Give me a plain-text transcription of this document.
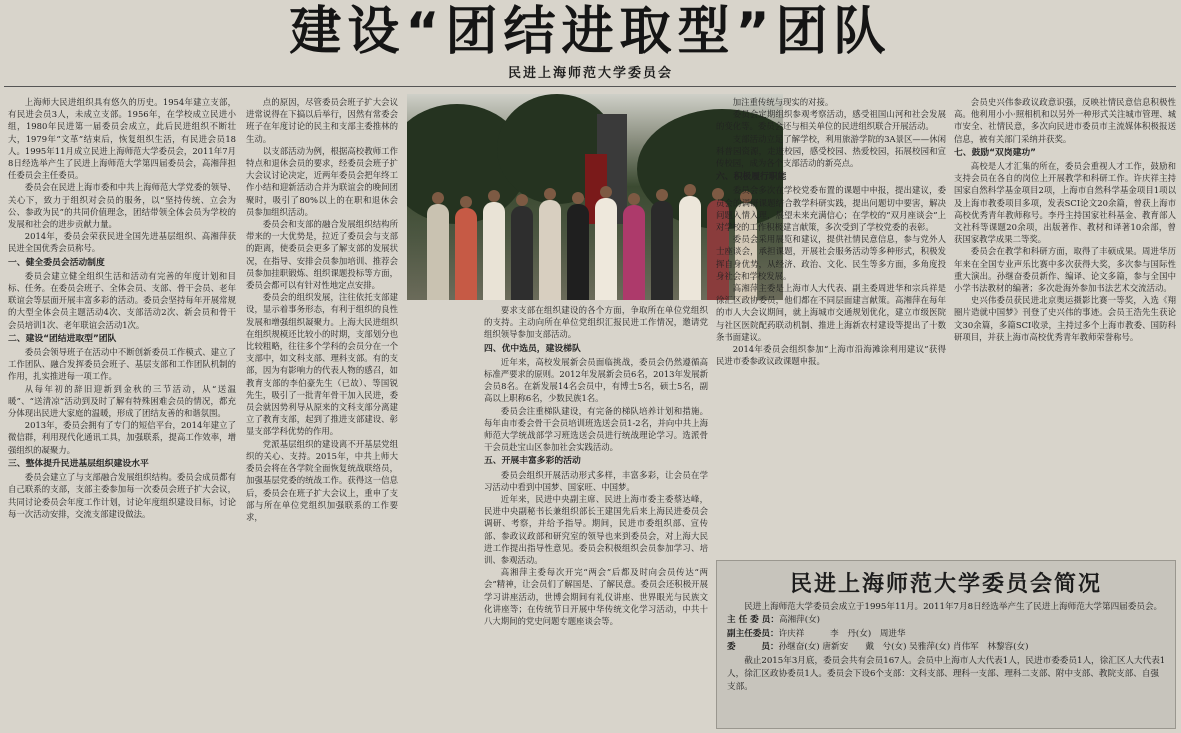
建设“团结进取型”团队
民进上海师范大学委员会

上海师大民进组织具有悠久的历史。1954年建立支部，有民进会员3人，未成立支部。1956年，在学校成立民进小组，1980年民进第一届委员会成立，此后民进组织不断壮大，1979年“文革”结束后，恢复组织生活，有民进会员18人。1995年11月成立民进上海师范大学委员会，2011年7月8日经选举产生了民进上海师范大学第四届委员会，高湘萍担任委员会主任委员。

委员会在民进上海市委和中共上海师范大学党委的领导、关心下，致力于组织对会员的服务，以“坚持传统、立会为公、参政为民”的共同价值理念，团结带领全体会员为学校的发展和社会的进步贡献力量。

2014年，委员会荣获民进全国先进基层组织、高湘萍获民进全国优秀会员称号。

一、健全委员会活动制度

委员会建立健全组织生活和活动有完善的年度计划和目标、任务。在委员会班子、全体会员、支部、骨干会员、老年联谊会等层面开展丰富多彩的活动。委员会坚持每年开展常规的大型全体会员主题活动4次、支部活动2次、新会员和骨干会员培训1次、老年联谊会活动1次。

二、建设“团结进取型”团队

委员会领导班子在活动中不断创新委员工作模式、建立了工作团队、融合发挥委员会班子、基层支部和工作团队机制的作用，扎实推进每一项工作。

从每年初的辞旧迎新到金秋的三节活动，从“送温暖”、“送清凉”活动到及时了解有特殊困难会员的情况，都充分体现出民进大家庭的温暖，形成了团结友善的和谐氛围。

2013年，委员会拥有了专门的短信平台，2014年建立了微信群，利用现代化通讯工具，加强联系，提高工作效率，增强组织的凝聚力。

三、整体提升民进基层组织建设水平

委员会建立了与支部融合发展组织结构。委员会成员都有自己联系的支部，支部主委参加每一次委员会班子扩大会议，共同讨论委员会年度工作计划，讨论年度组织建设目标，讨论每一次活动安排，交流支部建设做法。

点的原因，尽管委员会班子扩大会议进常说得在下搞以后举行，因然有常委会班子在年度讨论的民主和支部主委推林的生动。

以支部活动为例，根据高校教师工作特点和退休会员的要求，经委员会班子扩大会议讨论决定，近两年委员会把年终工作小结和迎新活动合并为联谊会的晚间团聚时，吸引了80%以上的在职和退休会员参加组织活动。

委员会和支部的融合发展组织结构所带来的一大优势是，拉近了委员会与支部的距离，使委员会更多了解支部的发展状况，在指导、安排会员参加培训、推荐会员参加挂职锻炼、组织课题投标等方面，委员会都可以有针对性地定点安排。

委员会的组织发展，注往依托支部建设，显示着事务形态，有利于组织的良性发展和增强组织凝聚力。上海大民进组织在组织规模还比较小的时期，支部划分也比较粗略，往往多个学科的会员分在一个支部中，如文科支部、理科支部。有的支部，因为有影响力的代表人物的感召，如教育支部的李伯豪先生（已故）、等国锐先生，吸引了一批青年骨干加入民进，委员会就因势利导从原来的文科支部分离建立了教育支部，起到了推进支部建设、彰显支部学科优势的作用。

党派基层组织的建设离不开基层党组织的关心、支持。2015年，中共上师大委员会将在各学院全面恢复统战联络员，加强基层党委的统战工作。获得这一信息后，委员会在班子扩大会议上，重申了支部与所在单位党组织加强联系的工作要求，

要求支部在组织建设的各个方面，争取所在单位党组织的支持。主动向所在单位党组织汇报民进工作情况，邀请党组织领导参加支部活动。

四、优中选员，建设梯队

近年来，高校发展新会员面临挑战，委员会仍然遵循高标准严要求的原则。2012年发展新会员6名，2013年发展新会员8名。在新发展14名会员中，有博士5名，硕士5名，副高以上职称6名，少数民族1名。

委员会注重梯队建设，有完备的梯队培养计划和措施。每年由市委会骨干会员培训班选送会员1-2名，并向中共上海师范大学统战部学习班选送会员进行统战理论学习。选派骨干会员赴宝山区参加社会实践活动。

五、开展丰富多彩的活动

委员会组织开展活动形式多样，丰富多彩，让会员在学习活动中看到中国梦、国家旺、中国梦。

近年来，民进中央副主席、民进上海市委主委蔡达峰，民进中央副秘书长兼组织部长王建国先后来上海民进委员会调研、考察，并给予指导。期间，民进市委组织部、宣传部、参政议政部和研究室的领导也来到委员会，对上海大民进工作提出指导性意见。委员会积极组织会员参加学习、培训、参观活动。

高湘萍主委每次开完“两会”后都及时向会员传达“两会”精神，让会员们了解国是、了解民意。委员会还积极开展学习讲座活动，世博会期间有礼仪讲座、世界眼光与民族文化讲座等；在传统节日开展中华传统文化学习活动，中共十八大期间的党史问题专题座谈会等。

加注重传统与现实的对接。

委员会定期组织参观考察活动，感受祖国山河和社会发展的变化等。委员会还与相关单位的民进组织联合开展活动。

支部活动立足了解学校，利用旅游学院的3A景区——休闲科普园资源，走进校园，感受校园、热爱校园，拓展校园和宣传校园，成为各个支部活动的新亮点。

六、积极履行职能

委员会多次在学校党委布置的课题中申报，提出建议，委员会的调研课题结合教学科研实践，提出问题切中要害，解决问题入情入理，展望未来充满信心；在学校的“双月座谈会”上对学校的工作积极建言献策，多次受到了学校党委的表彰。

委员会采用展览和建议，提供社情民意信息，参与党外人士座谈会，承担课题，开展社会服务活动等多种形式，积极发挥自身优势，从经济、政治、文化、民生等多方面，多角度投身社会和学校发展。

高湘萍主委是上海市人大代表、副主委周进华和宗兵祥是徐汇区政协委员，他们都在不同层面建言献策。高湘萍在每年的市人大会议期间，就上海城市交通规划优化，建立市级医院与社区医院配药联动机制、推进上海新农村建设等提出了十数条书面建议。

2014年委员会组织参加“上海市沿海滩涂利用建议”获得民进市委参政议政课题申报。

会员史兴伟参政议政意识强，反映社情民意信息积极性高。他利用小小·照相机和以另外一种形式关注城市管理、城市安全、社情民意，多次向民进市委员市主流媒体积极报送信息，被有关部门采纳并获奖。

七、鼓励“双岗建功”

高校是人才汇集的所在，委员会重视人才工作，鼓励和支持会员在各自的岗位上开展教学和科研工作。许庆祥主持国家自然科学基金项目2项，上海市自然科学基金项目1项以及上海市教委项目多项，发表SCI论文20余篇，曾获上海市高校优秀青年教师称号。李丹主持国家社科基金、教育部人文社科等课题20余项，出版著作、教材和译著10余部，曾获国家教学成果二等奖。

委员会在教学和科研方面，取得了丰硕成果。周进华历年来在全国专业声乐比赛中多次获得大奖，多次参与国际性重大演出。孙继奋委员新作、编译、论文多篇，参与全国中小学书法教材的编著；多次赴海外参加书法艺术交流活动。

史兴伟委员获民进北京奥运摄影比赛一等奖，入选《翔圈片造就中国梦》刊登了史兴伟的事迹。会员王浩先生获论文30余篇，多篇SCI收录，主持过多个上海市教委、国防科研项目，并获上海市高校优秀青年教师荣誉称号。

民进上海师范大学委员会简况

民进上海师范大学委员会成立于1995年11月。2011年7月8日经选举产生了民进上海师范大学第四届委员会。

主 任 委 员：高湘萍(女)

副主任委员：许庆祥　　　李　丹(女)　周进华

委　　　员：孙继奋(女) 唐新安　　戴　兮(女) 吴雅萍(女) 肖伟军　林黎容(女)

截止2015年3月底，委员会共有会员167人。会员中上海市人大代表1人，民进市委委员1人，徐汇区人大代表1人，徐汇区政协委员1人。委员会下设6个支部：文科支部、理科一支部、理科二支部、附中支部、教院支部、自强支部。
